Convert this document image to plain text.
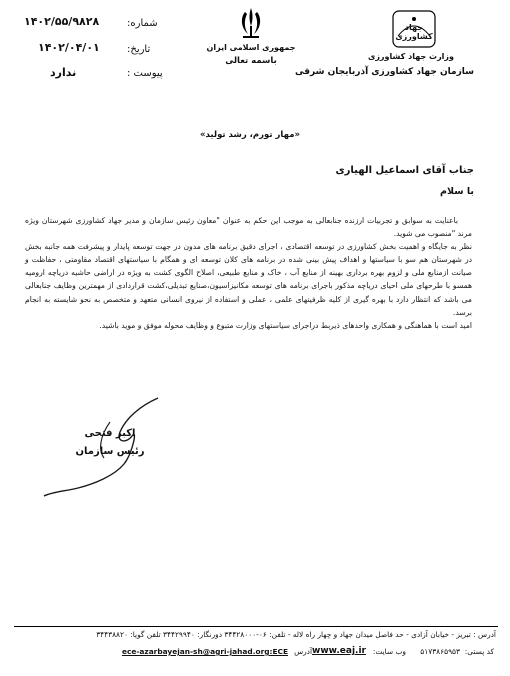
جهاد کشاورزی
وزارت جهاد کشاورزی
سازمان جهاد کشاورزی آذربایجان شرقی
جمهوری اسلامی ایران
باسمه تعالی
شماره:
۱۴۰۲/۵۵/۹۸۲۸
تاریخ:
۱۴۰۲/۰۴/۰۱
پیوست :
ندارد
«مهار تورم، رشد تولید»
جناب آقای اسماعیل الهیاری
با سلام

باعنایت به سوابق و تجربیات ارزنده جنابعالی به موجب این حکم به عنوان "معاون رئیس سازمان و مدیر جهاد کشاورزی شهرستان ویژه مرند "منصوب می شوید.

نظر به جایگاه و اهمیت بخش کشاورزی در توسعه اقتصادی ، اجرای دقیق برنامه های مدون در جهت توسعه پایدار و پیشرفت همه جانبه بخش در شهرستان هم سو با سیاستها و اهداف پیش بینی شده در برنامه های کلان توسعه ای و همگام با سیاستهای اقتصاد مقاومتی ، حفاظت و صیانت ازمنابع ملی و لزوم بهره برداری بهینه از منابع آب ، خاک و منابع طبیعی، اصلاح الگوی کشت به ویژه در اراضی حاشیه دریاچه ارومیه همسو با طرحهای ملی احیای دریاچه مذکور باجرای برنامه های توسعه مکانیزاسیون،صنایع تبدیلی،کشت قراردادی از مهمترین وظایف جنابعالی می باشد که انتظار دارد با بهره گیری از کلیه ظرفیتهای علمی ، عملی و استفاده از نیروی انسانی متعهد و متخصص به نحو شایسته به انجام برسد.

امید است با هماهنگی و همکاری واحدهای ذیربط دراجرای سیاستهای وزارت متبوع و وظایف محوله موفق و موید باشید.

اکبر فتحی
رئیس سازمان
آدرس : تبریز - خیابان آزادی - حد فاصل میدان جهاد و چهار راه لاله - تلفن: ۰۶-۳۴۴۲۸۰۰۰ دورنگار: ۳۴۴۲۹۹۴۰ تلفن گویا: ۳۴۴۳۸۸۲۰
کد پستی:
۵۱۷۳۸۶۵۹۵۳
وب سایت:
www.eaj.ir
آدرس
ece-azarbayejan-sh@agri-jahad.org:ECE
